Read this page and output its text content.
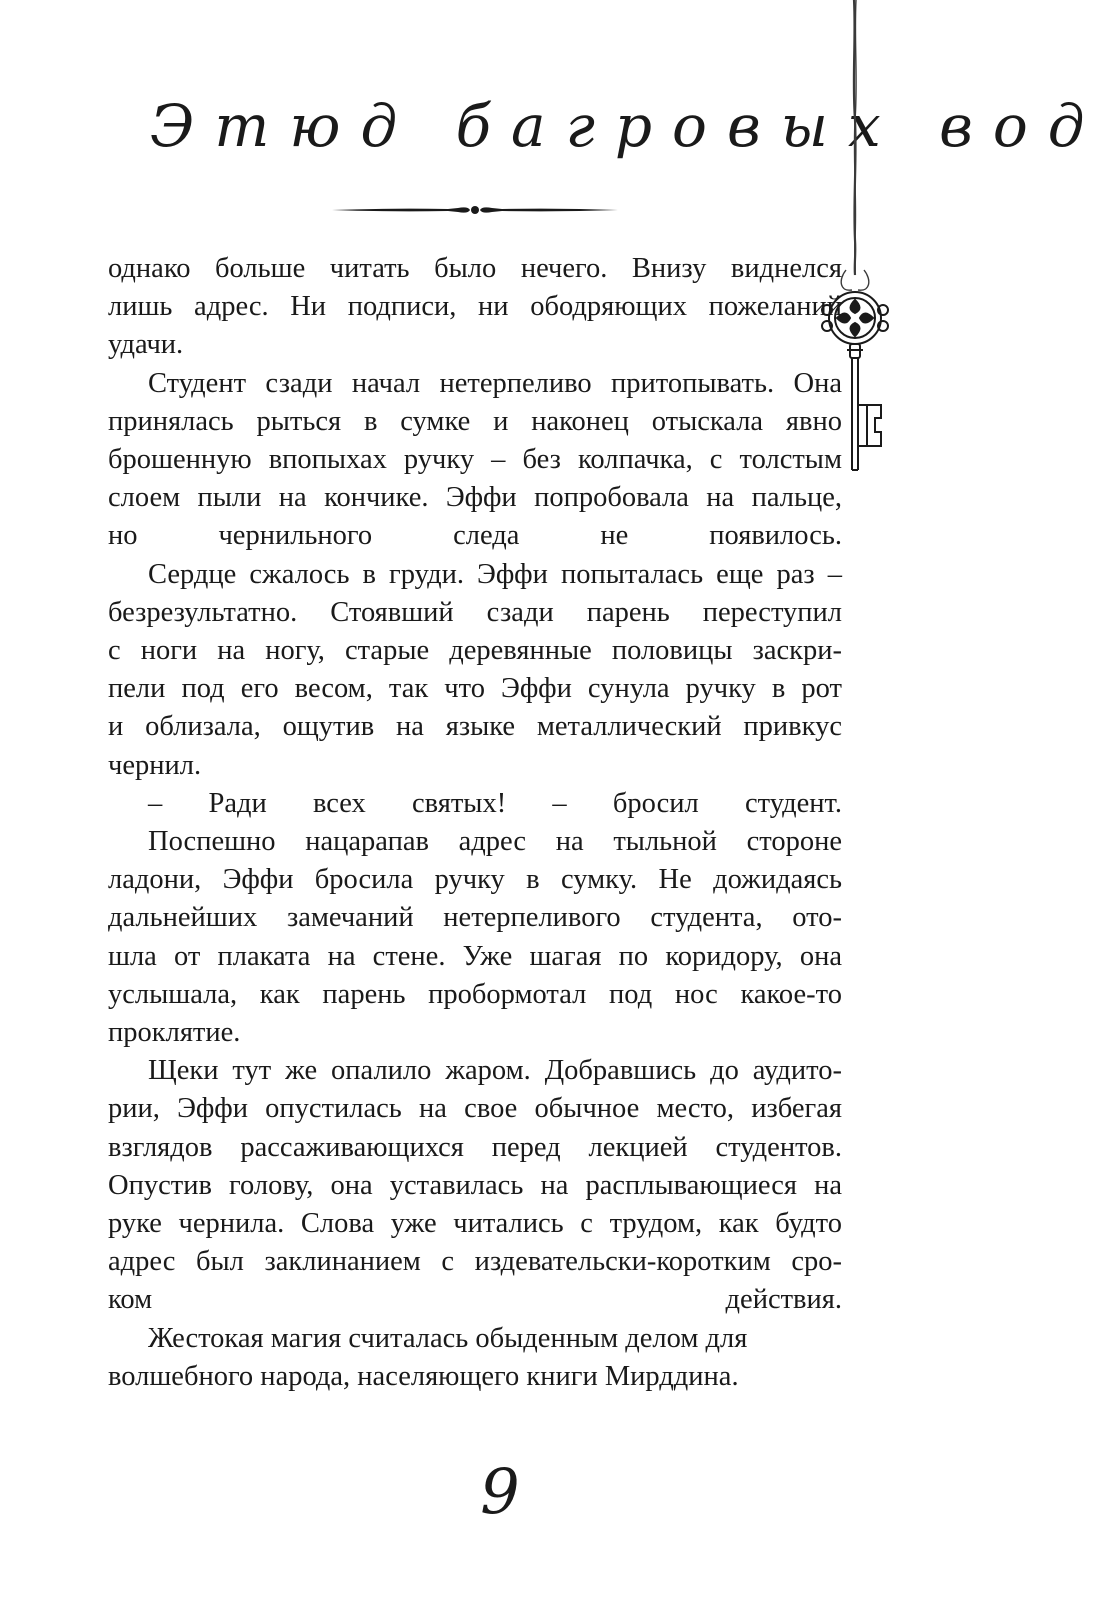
Этюд багровых вод

однако больше читать было нечего. Внизу виднелся
лишь адрес. Ни подписи, ни ободряющих пожеланий
удачи.

Студент сзади начал нетерпеливо притопывать. Она
принялась рыться в сумке и наконец отыскала явно
брошенную впопыхах ручку – без колпачка, с толстым
слоем пыли на кончике. Эффи попробовала на пальце,
но чернильного следа не появилось.

Сердце сжалось в груди. Эффи попыталась еще раз –
безрезультатно. Стоявший сзади парень переступил
с ноги на ногу, старые деревянные половицы заскри-
пели под его весом, так что Эффи сунула ручку в рот
и облизала, ощутив на языке металлический привкус
чернил.

– Ради всех святых! – бросил студент.

Поспешно нацарапав адрес на тыльной стороне
ладони, Эффи бросила ручку в сумку. Не дожидаясь
дальнейших замечаний нетерпеливого студента, ото-
шла от плаката на стене. Уже шагая по коридору, она
услышала, как парень пробормотал под нос какое-то
проклятие.

Щеки тут же опалило жаром. Добравшись до аудито-
рии, Эффи опустилась на свое обычное место, избегая
взглядов рассаживающихся перед лекцией студентов.
Опустив голову, она уставилась на расплывающиеся на
руке чернила. Слова уже читались с трудом, как будто
адрес был заклинанием с издевательски-коротким сро-
ком действия.

Жестокая магия считалась обыденным делом для
волшебного народа, населяющего книги Мирддина.

9
